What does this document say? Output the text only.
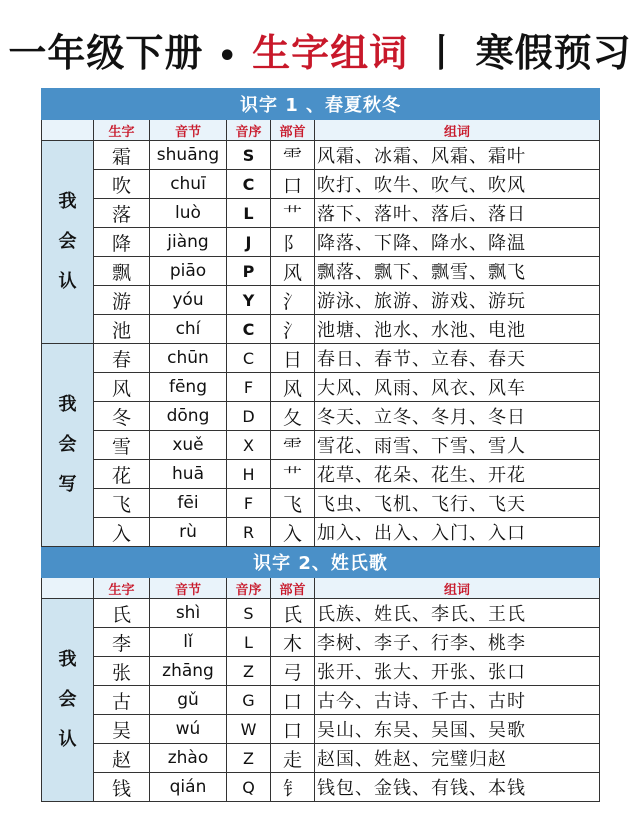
一年级下册 • 生字组词 丨 寒假预习
识字 1 、春夏秋冬					
	生字	音节	音序	部首	组词

我
会
认	霜	shuāng	S	⻗	风霜、冰霜、风霜、霜叶
	吹	chuī	C	口	吹打、吹牛、吹气、吹风
	落	luò	L	艹	落下、落叶、落后、落日
	降	jiàng	J	阝	降落、下降、降水、降温
	飘	piāo	P	风	飘落、飘下、飘雪、飘飞
	游	yóu	Y	氵	游泳、旅游、游戏、游玩
	池	chí	C	氵	池塘、池水、水池、电池

我
会
写	春	chūn	C	日	春日、春节、立春、春天
	风	fēng	F	风	大风、风雨、风衣、风车
	冬	dōng	D	夂	冬天、立冬、冬月、冬日
	雪	xuě	X	⻗	雪花、雨雪、下雪、雪人
	花	huā	H	艹	花草、花朵、花生、开花
	飞	fēi	F	飞	飞虫、飞机、飞行、飞天
	入	rù	R	入	加入、出入、入门、入口
识字 2、姓氏歌					
	生字	音节	音序	部首	组词

我
会
认	氏	shì	S	氏	氏族、姓氏、李氏、王氏
	李	lǐ	L	木	李树、李子、行李、桃李
	张	zhāng	Z	弓	张开、张大、开张、张口
	古	gǔ	G	口	古今、古诗、千古、古时
	吴	wú	W	口	吴山、东吴、吴国、吴歌
	赵	zhào	Z	走	赵国、姓赵、完璧归赵
	钱	qián	Q	钅	钱包、金钱、有钱、本钱
